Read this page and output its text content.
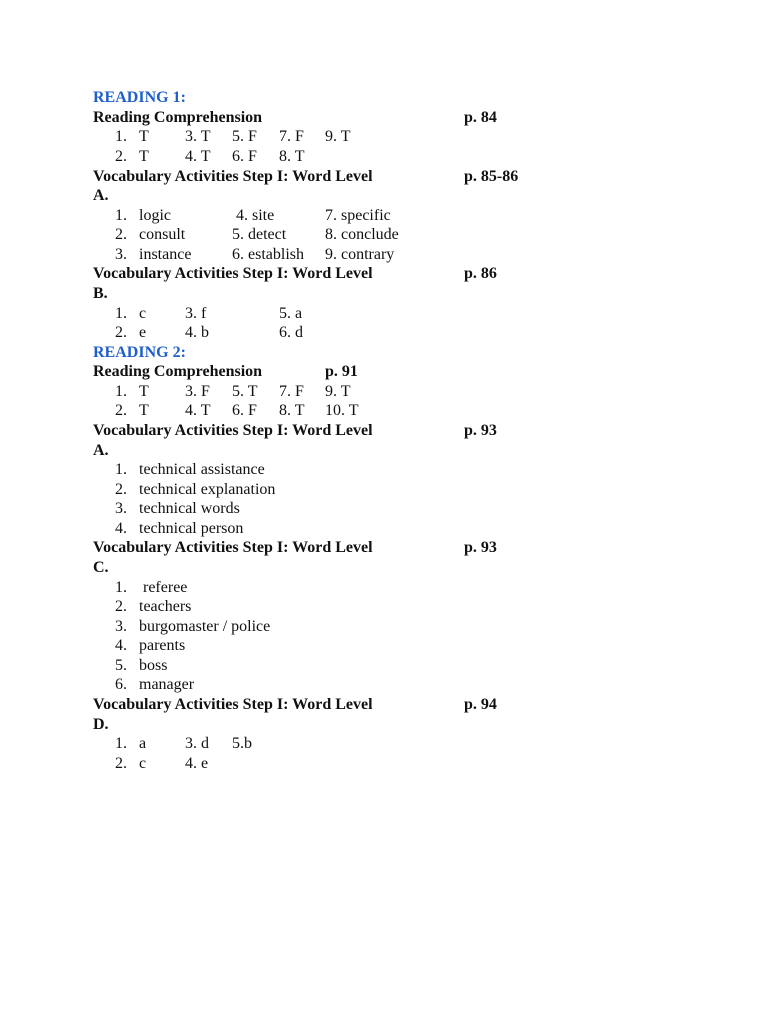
READING 1:
Reading Comprehension	p. 84
1. T 3. T 5. F 7. F 9. T
2. T 4. T 6. F 8. T
Vocabulary Activities Step I: Word Level	p. 85-86
A.
1. logic	4. site	7. specific
2. consult	5. detect 8. conclude
3. instance	6. establish 9. contrary
Vocabulary Activities Step I: Word Level	p. 86
B.
1. c 3. f	5. a
2. e 4. b	6. d
READING 2:
Reading Comprehension	p. 91
1. T 3. F 5. T 7. F 9. T
2. T 4. T 6. F 8. T 10. T
Vocabulary Activities Step I: Word Level	p. 93
A.
1. technical assistance
2. technical explanation
3. technical words
4. technical person
Vocabulary Activities Step I: Word Level	p. 93
C.
1. referee
2. teachers
3. burgomaster / police
4. parents
5. boss
6. manager
Vocabulary Activities Step I: Word Level	p. 94
D.
1. a 3. d 5.b
2. c 4. e
